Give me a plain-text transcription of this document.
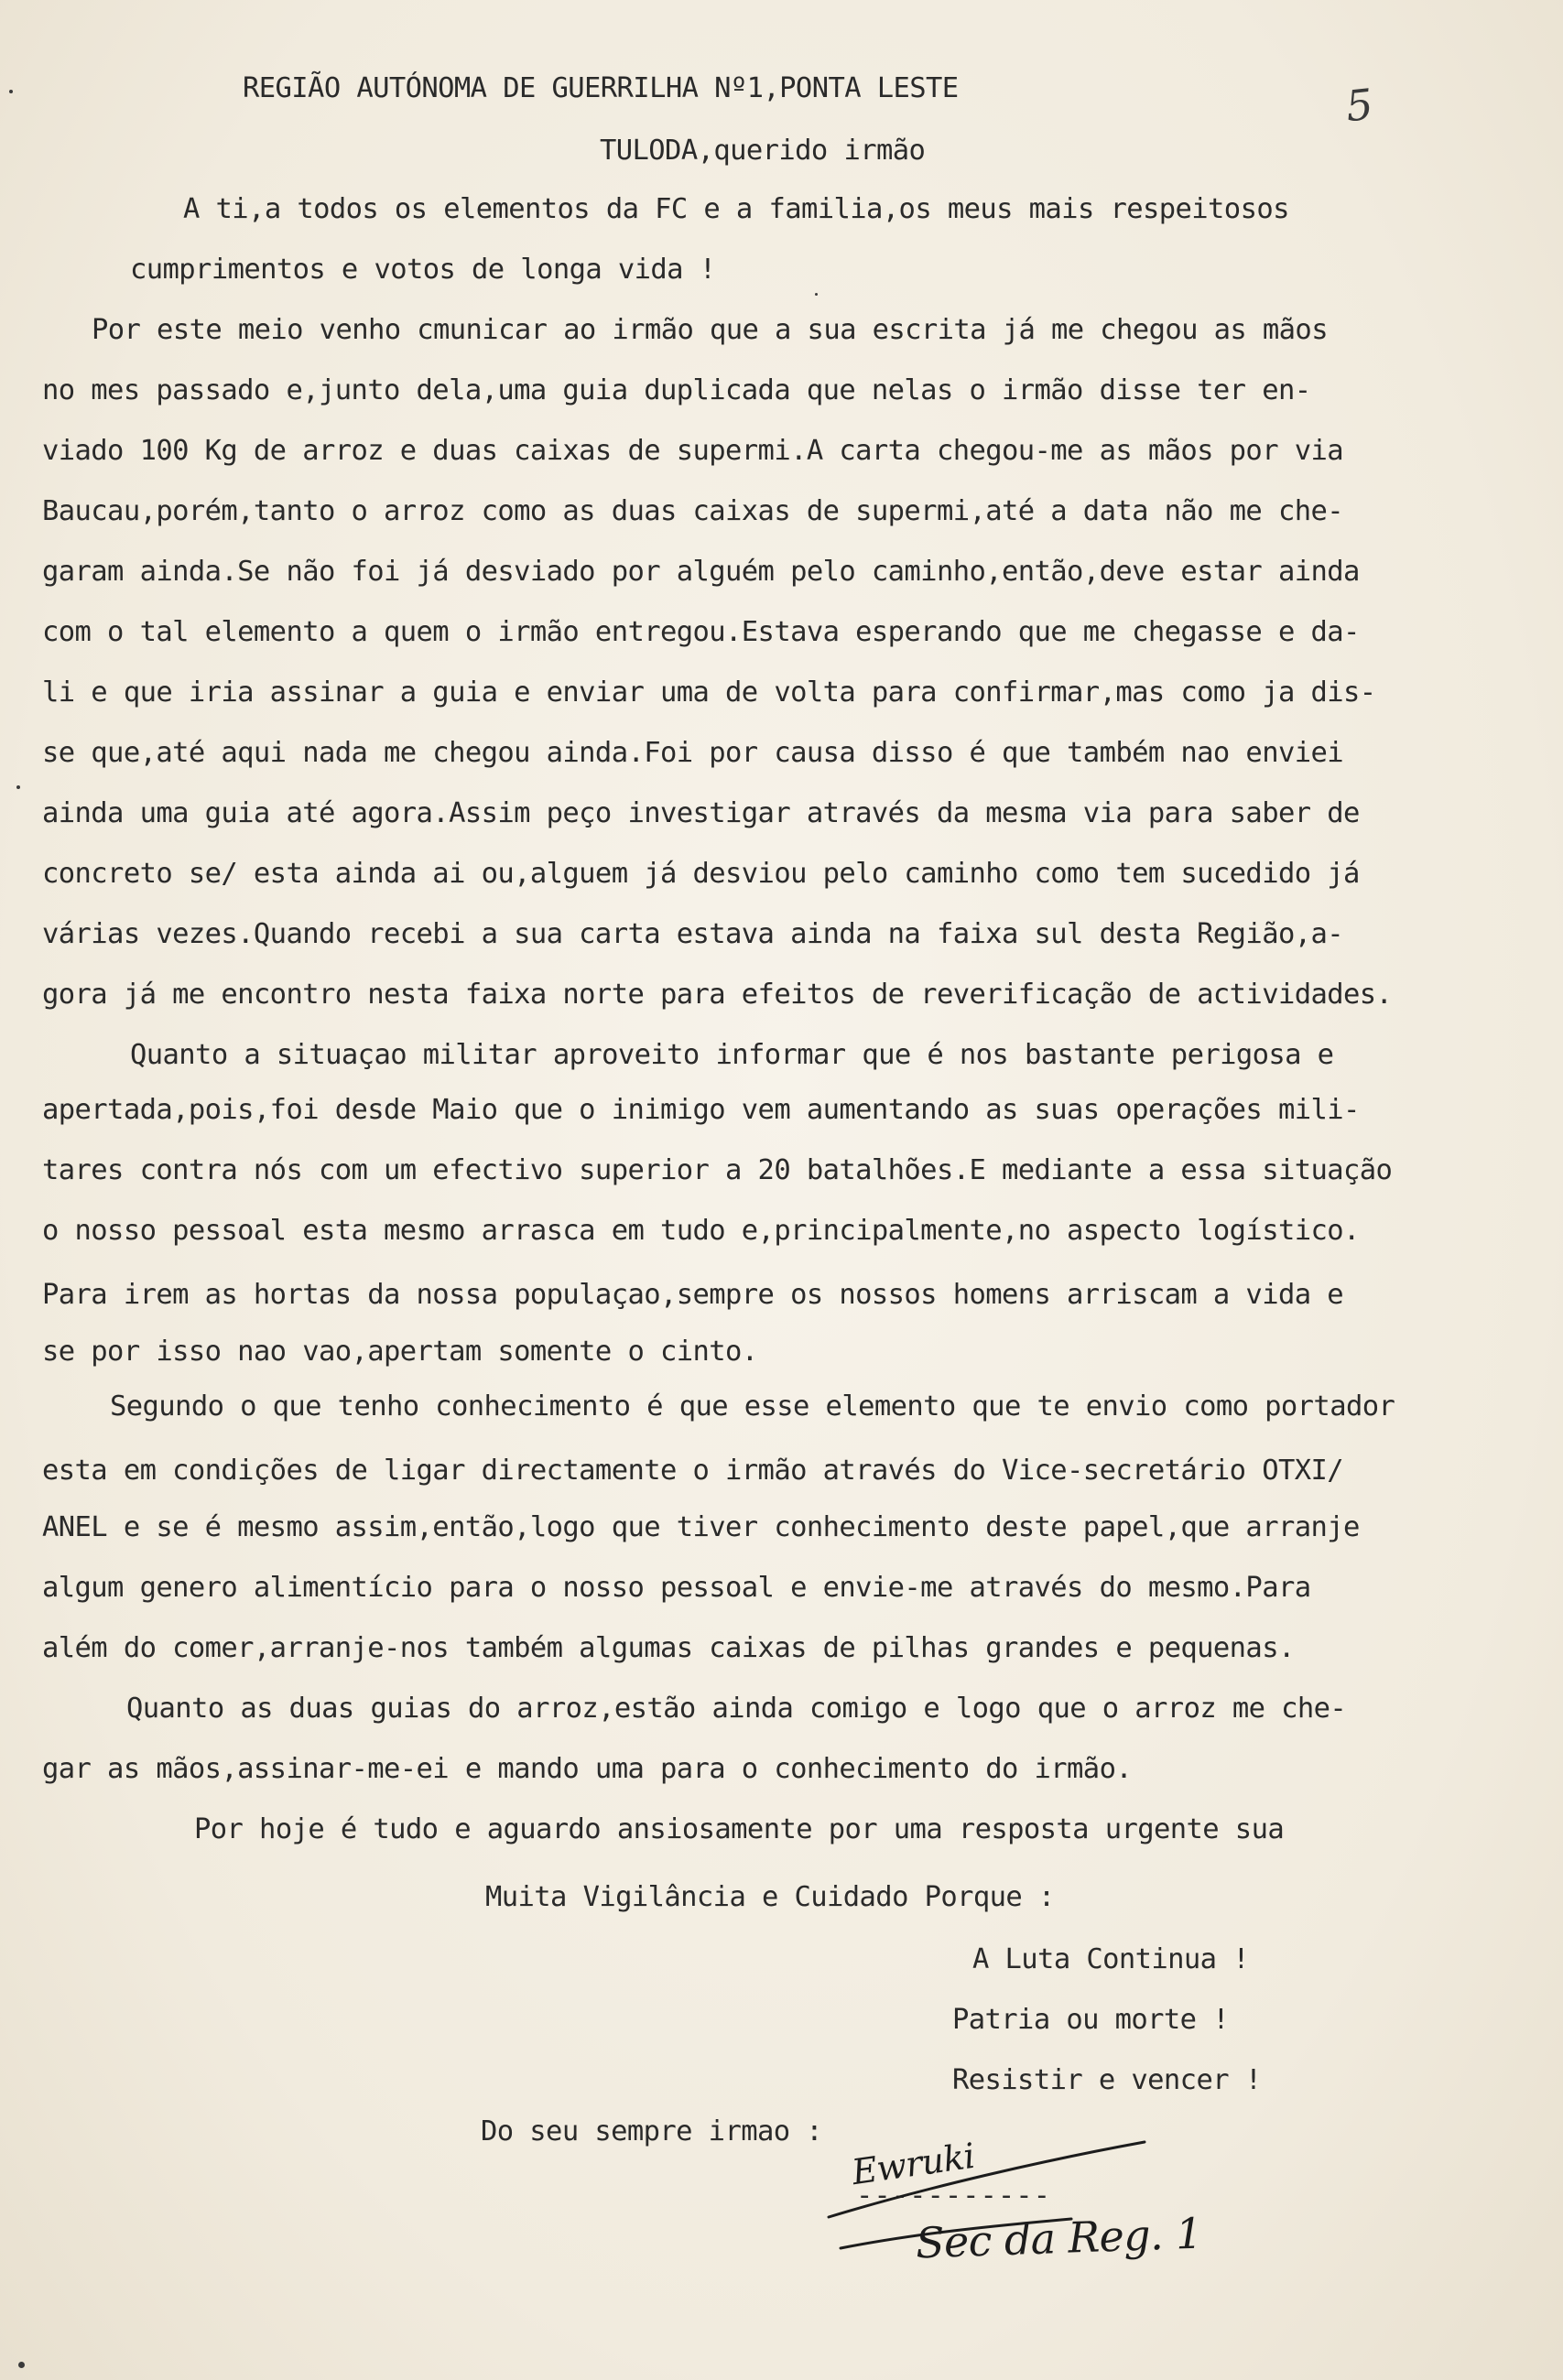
5
REGIÃO AUTÓNOMA DE GUERRILHA Nº1,PONTA LESTE
TULODA,querido irmão
A ti,a todos os elementos da FC e a familia,os meus mais respeitosos
cumprimentos e votos de longa vida !
Por este meio venho cmunicar ao irmão que a sua escrita já me chegou as mãos
no mes passado e,junto dela,uma guia duplicada que nelas o irmão disse ter en-
viado 100 Kg de arroz e duas caixas de supermi.A carta chegou-me as mãos por via
Baucau,porém,tanto o arroz como as duas caixas de supermi,até a data não me che-
garam ainda.Se não foi já desviado por alguém pelo caminho,então,deve estar ainda
com o tal elemento a quem o irmão entregou.Estava esperando que me chegasse e da-
li e que iria assinar a guia e enviar uma de volta para confirmar,mas como ja dis-
se que,até aqui nada me chegou ainda.Foi por causa disso é que também nao enviei
ainda uma guia até agora.Assim peço investigar através da mesma via para saber de
concreto se/ esta ainda ai ou,alguem já desviou pelo caminho como tem sucedido já
várias vezes.Quando recebi a sua carta estava ainda na faixa sul desta Região,a-
gora já me encontro nesta faixa norte para efeitos de reverificação de actividades.
Quanto a situaçao militar aproveito informar que é nos bastante perigosa e
apertada,pois,foi desde Maio que o inimigo vem aumentando as suas operações mili-
tares contra nós com um efectivo superior a 20 batalhões.E mediante a essa situação
o nosso pessoal esta mesmo arrasca em tudo e,principalmente,no aspecto logístico.
Para irem as hortas da nossa populaçao,sempre os nossos homens arriscam a vida e
se por isso nao vao,apertam somente o cinto.
Segundo o que tenho conhecimento é que esse elemento que te envio como portador
esta em condições de ligar directamente o irmão através do Vice-secretário OTXI/
ANEL e se é mesmo assim,então,logo que tiver conhecimento deste papel,que arranje
algum genero alimentício para o nosso pessoal e envie-me através do mesmo.Para
além do comer,arranje-nos também algumas caixas de pilhas grandes e pequenas.
Quanto as duas guias do arroz,estão ainda comigo e logo que o arroz me che-
gar as mãos,assinar-me-ei e mando uma para o conhecimento do irmão.
Por hoje é tudo e aguardo ansiosamente por uma resposta urgente sua
Muita Vigilância e Cuidado Porque :
A Luta Continua !
Patria ou morte !
Resistir e vencer !
Do seu sempre irmao :
-----------
Ewruki
Sec da Reg. 1
